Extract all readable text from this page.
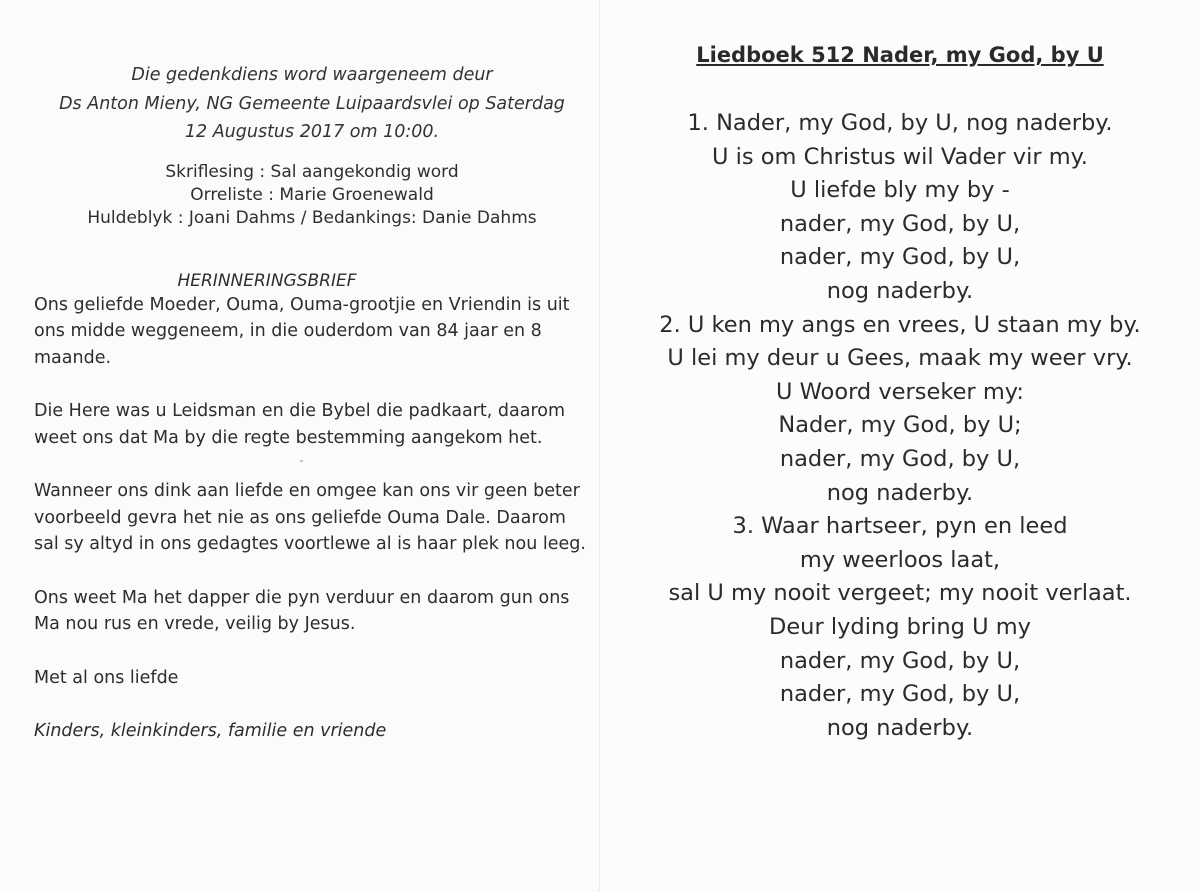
Die gedenkdiens word waargeneem deur
Ds Anton Mieny, NG Gemeente Luipaardsvlei op Saterdag
12 Augustus 2017 om 10:00.
Skriflesing : Sal aangekondig word
Orreliste : Marie Groenewald
Huldeblyk : Joani Dahms / Bedankings: Danie Dahms
HERINNERINGSBRIEF

Ons geliefde Moeder, Ouma, Ouma-grootjie en Vriendin is uit ons midde weggeneem, in die ouderdom van 84 jaar en 8 maande.

Die Here was u Leidsman en die Bybel die padkaart, daarom weet ons dat Ma by die regte bestemming aangekom het.

Wanneer ons dink aan liefde en omgee kan ons vir geen beter voorbeeld gevra het nie as ons geliefde Ouma Dale. Daarom sal sy altyd in ons gedagtes voortlewe al is haar plek nou leeg.

Ons weet Ma het dapper die pyn verduur en daarom gun ons Ma nou rus en vrede, veilig by Jesus.

Met al ons liefde

Kinders, kleinkinders, familie en vriende

Liedboek 512 Nader, my God, by U
1. Nader, my God, by U, nog naderby.
U is om Christus wil Vader vir my.
U liefde bly my by -
nader, my God, by U,
nader, my God, by U,
nog naderby.
2. U ken my angs en vrees, U staan my by.
U lei my deur u Gees, maak my weer vry.
U Woord verseker my:
Nader, my God, by U;
nader, my God, by U,
nog naderby.
3. Waar hartseer, pyn en leed
my weerloos laat,
sal U my nooit vergeet; my nooit verlaat.
Deur lyding bring U my
nader, my God, by U,
nader, my God, by U,
nog naderby.
